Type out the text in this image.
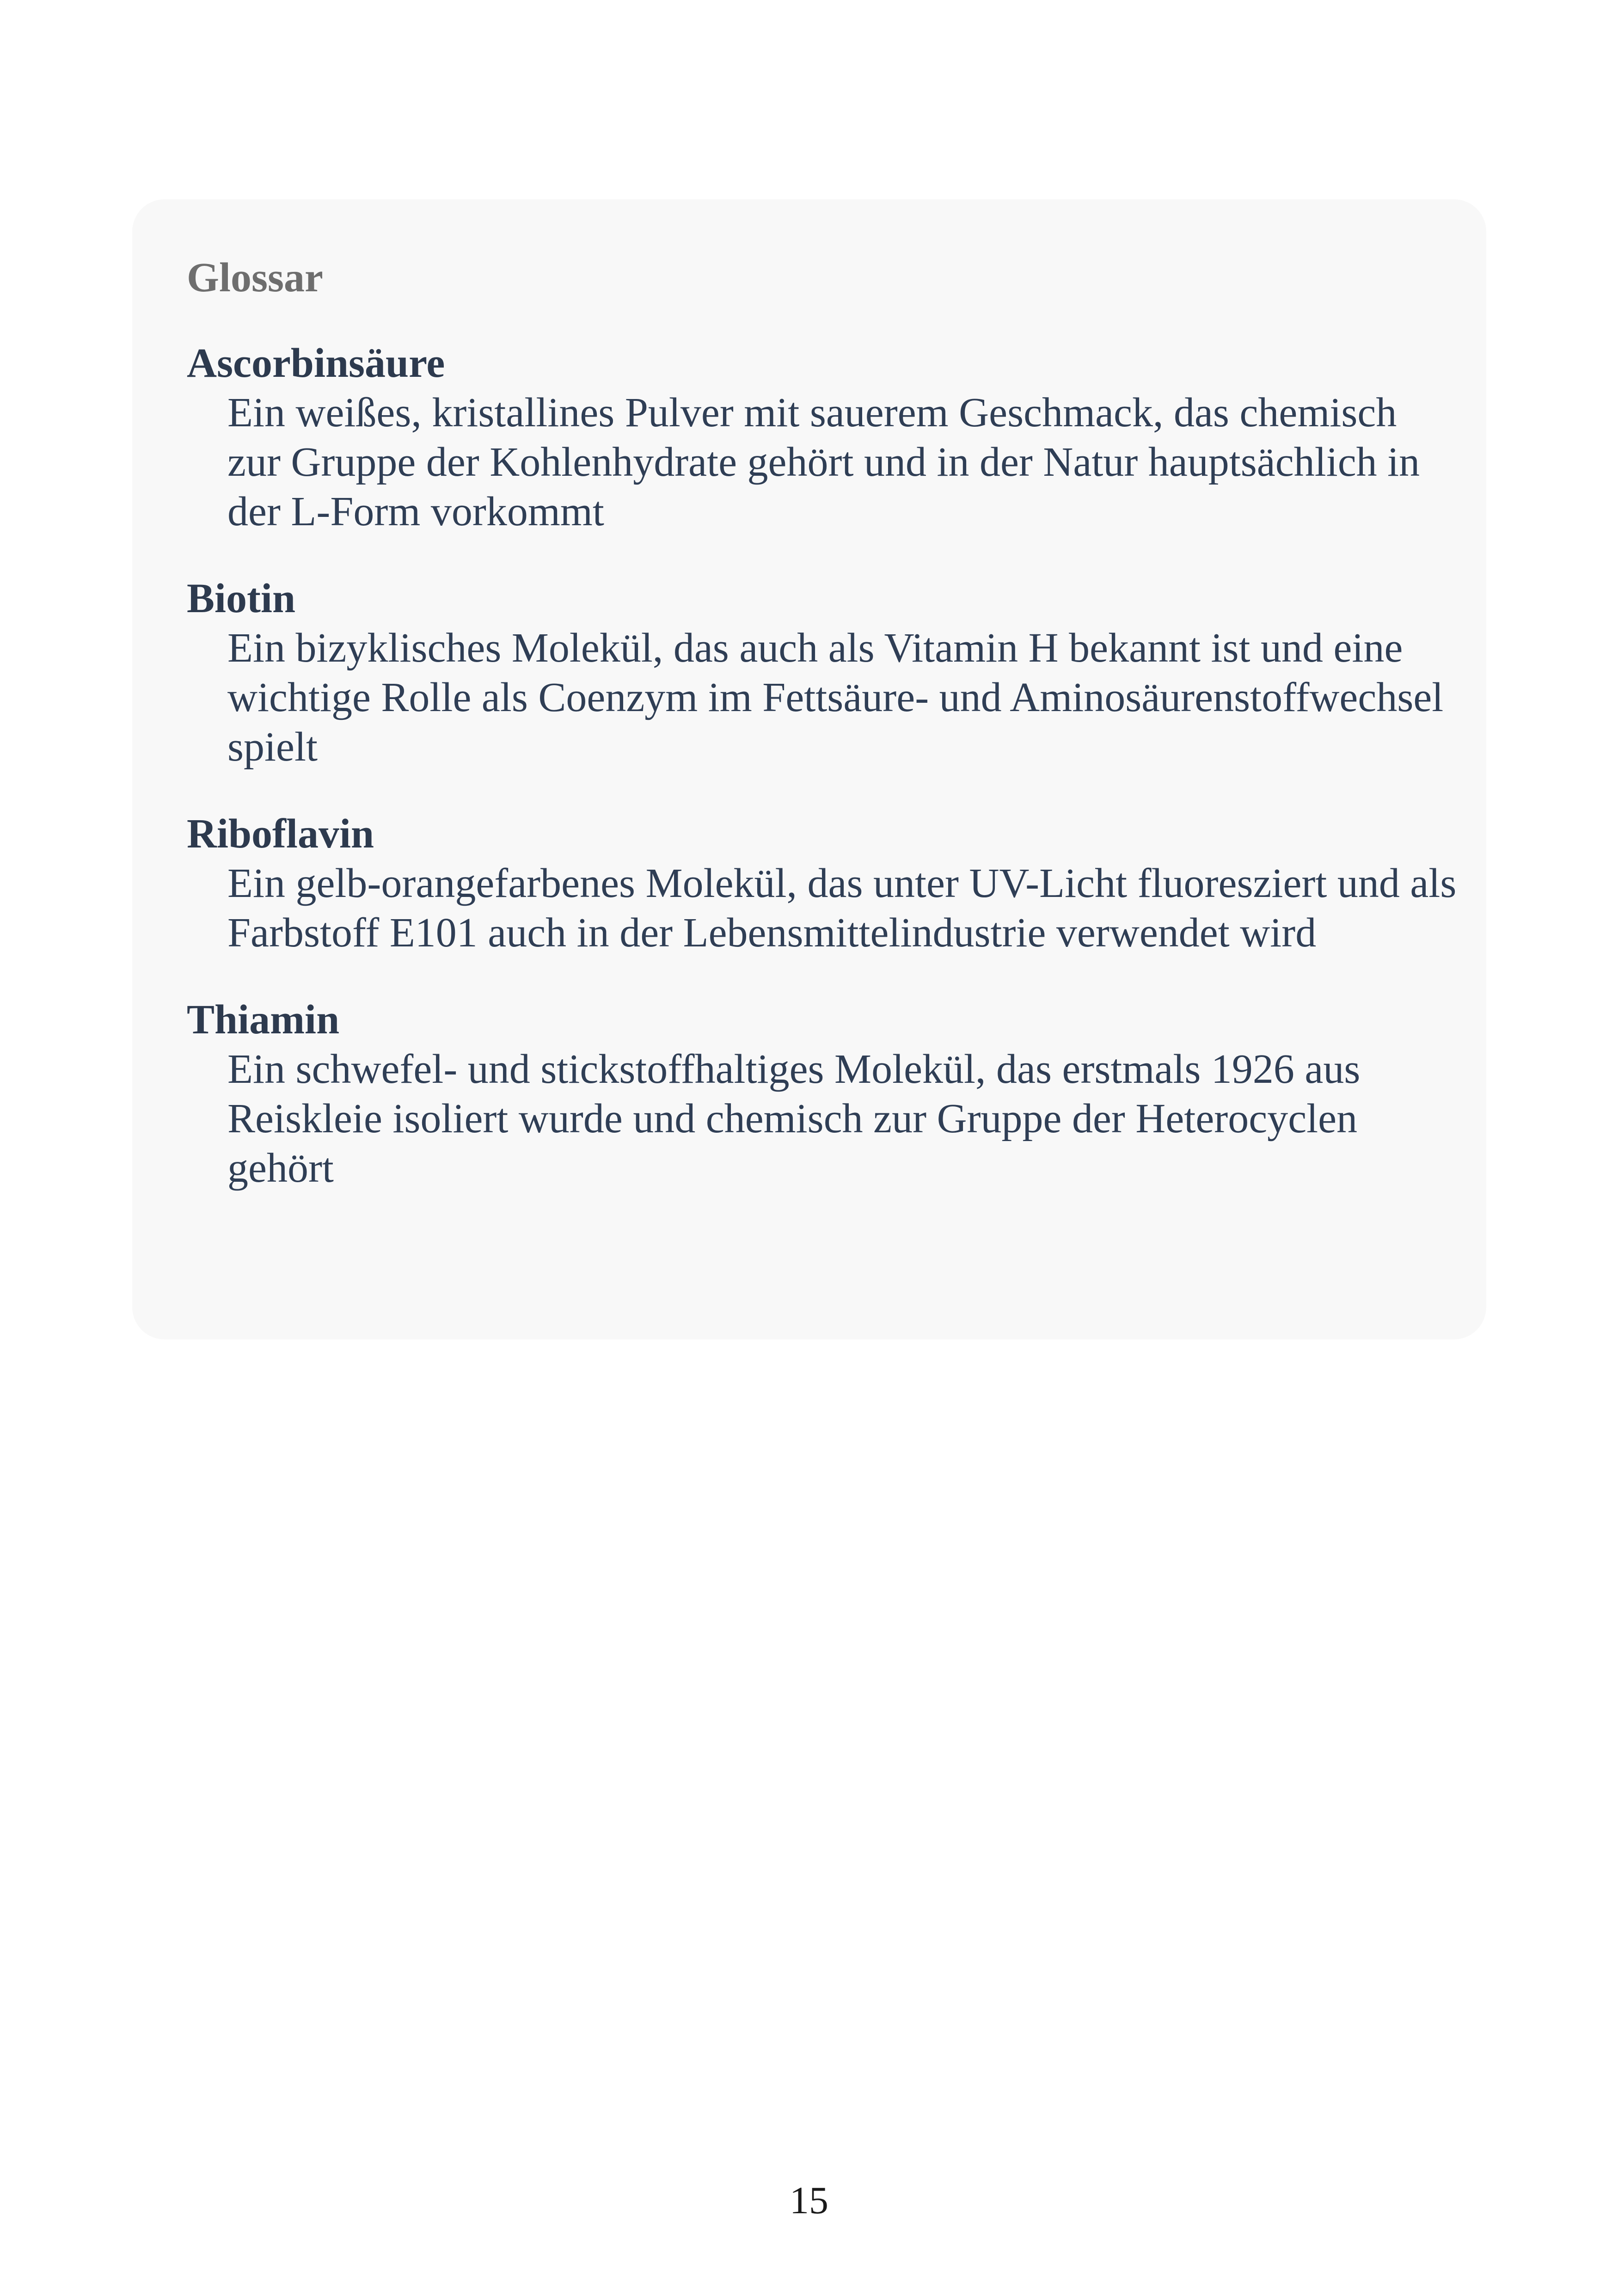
Glossar
Ascorbinsäure
Ein weißes, kristallines Pulver mit sauerem Geschmack, das chemisch zur Gruppe der Kohlenhydrate gehört und in der Natur hauptsächlich in der L-Form vorkommt
Biotin
Ein bizyklisches Molekül, das auch als Vitamin H bekannt ist und eine wichtige Rolle als Coenzym im Fettsäure- und Aminosäurenstoffwechsel spielt
Riboflavin
Ein gelb-orangefarbenes Molekül, das unter UV-Licht fluoresziert und als Farbstoff E101 auch in der Lebensmittelindustrie verwendet wird
Thiamin
Ein schwefel- und stickstoffhaltiges Molekül, das erstmals 1926 aus Reiskleie isoliert wurde und chemisch zur Gruppe der Heterocyclen gehört
15
